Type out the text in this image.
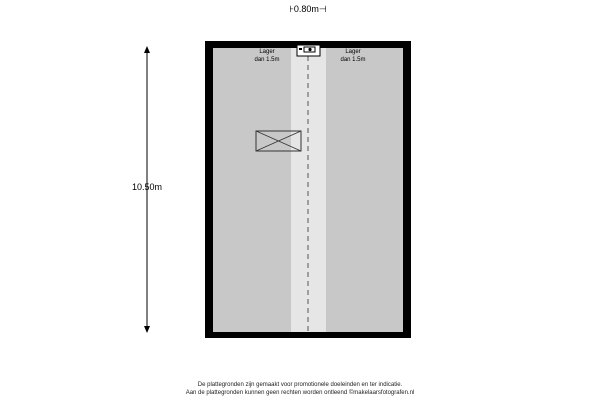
⊦0.80m⊣
10.50m
Lager
dan 1.5m
Lager
dan 1.5m
De plattegronden zijn gemaakt voor promotionele doeleinden en ter indicatie.
Aan de plattegronden kunnen geen rechten worden ontleend ©makelaarsfotografen.nl
